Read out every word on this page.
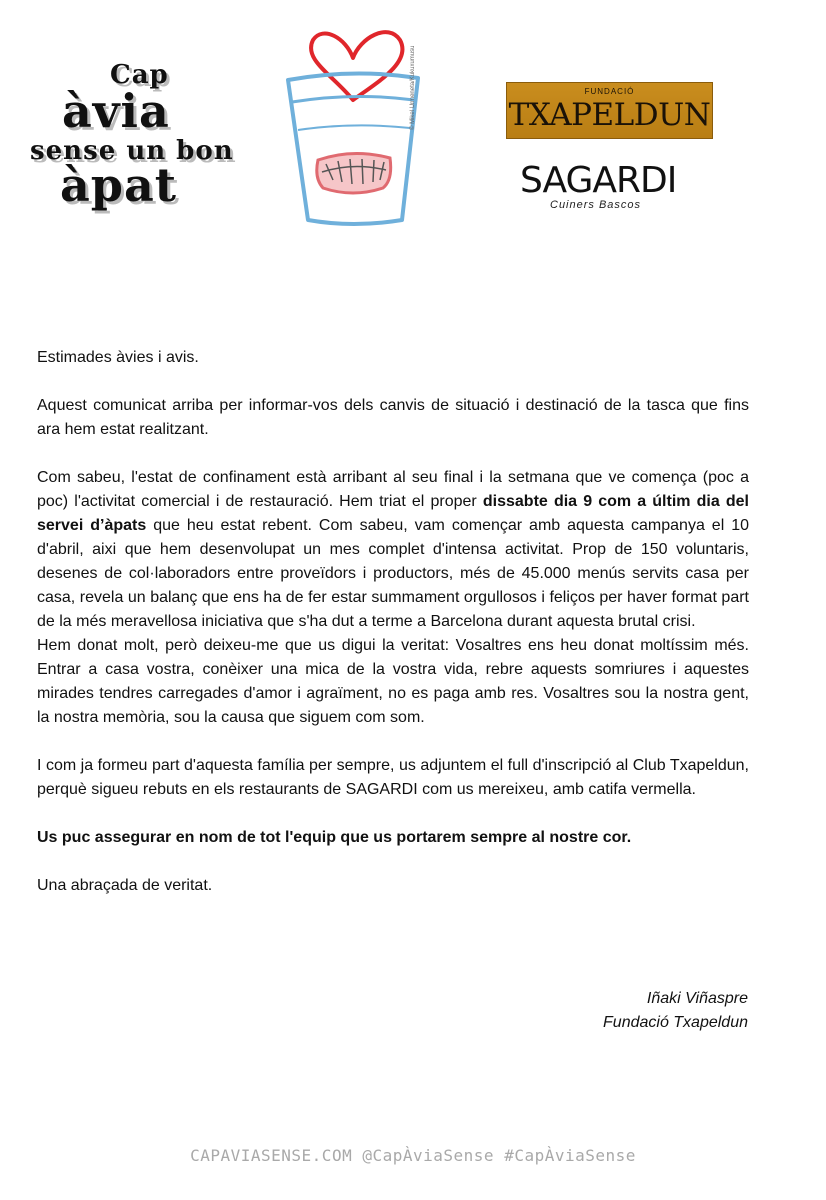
Cap
àvia
sense un bon
àpat
© Mikel Urmeneta/Kukuxumusu	FUNDACIÓ
TXAPELDUN
SAGARDI
Cuiners Bascos

Estimades àvies i avis.

Aquest comunicat arriba per informar-vos dels canvis de situació i destinació de la tasca que fins ara hem estat realitzant.

Com sabeu, l'estat de confinament està arribant al seu final i la setmana que ve comença (poc a poc) l'activitat comercial i de restauració. Hem triat el proper dissabte dia 9 com a últim dia del servei d’àpats que heu estat rebent. Com sabeu, vam començar amb aquesta campanya el 10 d'abril, aixi que hem desenvolupat un mes complet d'intensa activitat. Prop de 150 voluntaris, desenes de col·laboradors entre proveïdors i productors, més de 45.000 menús servits casa per casa, revela un balanç que ens ha de fer estar summament orgullosos i feliços per haver format part de la més meravellosa iniciativa que s'ha dut a terme a Barcelona durant aquesta brutal crisi.

Hem donat molt, però deixeu-me que us digui la veritat: Vosaltres ens heu donat moltíssim més. Entrar a casa vostra, conèixer una mica de la vostra vida, rebre aquests somriures i aquestes mirades tendres carregades d'amor i agraïment, no es paga amb res. Vosaltres sou la nostra gent, la nostra memòria, sou la causa que siguem com som.

I com ja formeu part d'aquesta família per sempre, us adjuntem el full d'inscripció al Club Txapeldun, perquè sigueu rebuts en els restaurants de SAGARDI com us mereixeu, amb catifa vermella.

Us puc assegurar en nom de tot l'equip que us portarem sempre al nostre cor.

Una abraçada de veritat.

Iñaki Viñaspre
Fundació Txapeldun
CAPAVIASENSE.COM @CapÀviaSense #CapÀviaSense
